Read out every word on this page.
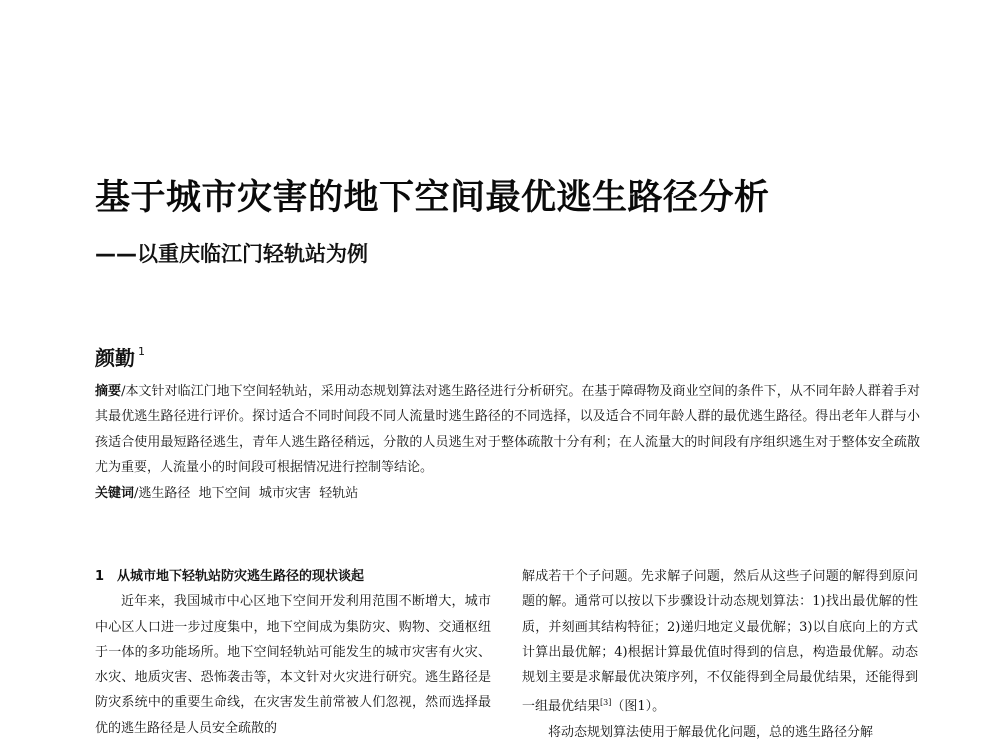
基于城市灾害的地下空间最优逃生路径分析
——以重庆临江门轻轨站为例
颜勤 $^1$
摘要/本文针对临江门地下空间轻轨站，采用动态规划算法对逃生路径进行分析研究。在基于障碍物及商业空间的条件下，从不同年龄人群着手对其最优逃生路径进行评价。探讨适合不同时间段不同人流量时逃生路径的不同选择，以及适合不同年龄人群的最优逃生路径。得出老年人群与小孩适合使用最短路径逃生，青年人逃生路径稍远，分散的人员逃生对于整体疏散十分有利；在人流量大的时间段有序组织逃生对于整体安全疏散尤为重要，人流量小的时间段可根据情况进行控制等结论。
关键词/逃生路径  地下空间  城市灾害  轻轨站
1 从城市地下轻轨站防灾逃生路径的现状谈起

近年来，我国城市中心区地下空间开发利用范围不断增大，城市中心区人口进一步过度集中，地下空间成为集防灾、购物、交通枢纽于一体的多功能场所。地下空间轻轨站可能发生的城市灾害有火灾、水灾、地质灾害、恐怖袭击等，本文针对火灾进行研究。逃生路径是防灾系统中的重要生命线，在灾害发生前常被人们忽视，然而选择最优的逃生路径是人员安全疏散的

解成若干个子问题。先求解子问题，然后从这些子问题的解得到原问题的解。通常可以按以下步骤设计动态规划算法：1)找出最优解的性质，并刻画其结构特征；2)递归地定义最优解；3)以自底向上的方式计算出最优解；4)根据计算最优值时得到的信息，构造最优解。动态规划主要是求解最优决策序列，不仅能得到全局最优结果，还能得到一组最优结果[3]（图1）。

将动态规划算法使用于解最优化问题，总的逃生路径分解
